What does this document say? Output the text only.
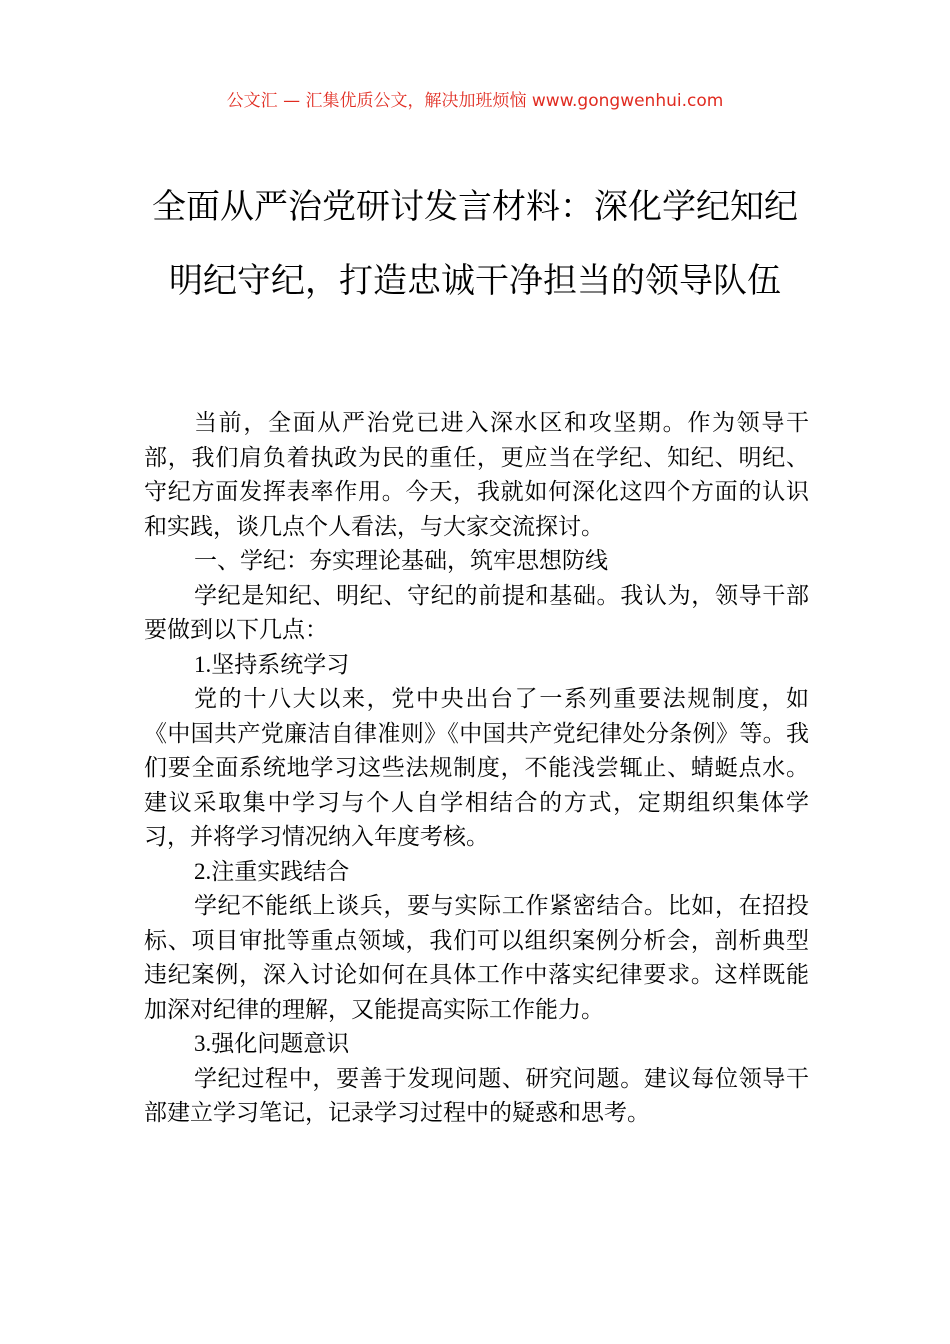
公文汇 — 汇集优质公文，解决加班烦恼 www.gongwenhui.com
全面从严治党研讨发言材料：深化学纪知纪明纪守纪，打造忠诚干净担当的领导队伍

当前，全面从严治党已进入深水区和攻坚期。作为领导干部，我们肩负着执政为民的重任，更应当在学纪、知纪、明纪、守纪方面发挥表率作用。今天，我就如何深化这四个方面的认识和实践，谈几点个人看法，与大家交流探讨。

一、学纪：夯实理论基础，筑牢思想防线

学纪是知纪、明纪、守纪的前提和基础。我认为，领导干部要做到以下几点：

1.坚持系统学习

党的十八大以来，党中央出台了一系列重要法规制度，如《中国共产党廉洁自律准则》《中国共产党纪律处分条例》等。我们要全面系统地学习这些法规制度，不能浅尝辄止、蜻蜓点水。建议采取集中学习与个人自学相结合的方式，定期组织集体学习，并将学习情况纳入年度考核。

2.注重实践结合

学纪不能纸上谈兵，要与实际工作紧密结合。比如，在招投标、项目审批等重点领域，我们可以组织案例分析会，剖析典型违纪案例，深入讨论如何在具体工作中落实纪律要求。这样既能加深对纪律的理解，又能提高实际工作能力。

3.强化问题意识

学纪过程中，要善于发现问题、研究问题。建议每位领导干部建立学习笔记，记录学习过程中的疑惑和思考。
